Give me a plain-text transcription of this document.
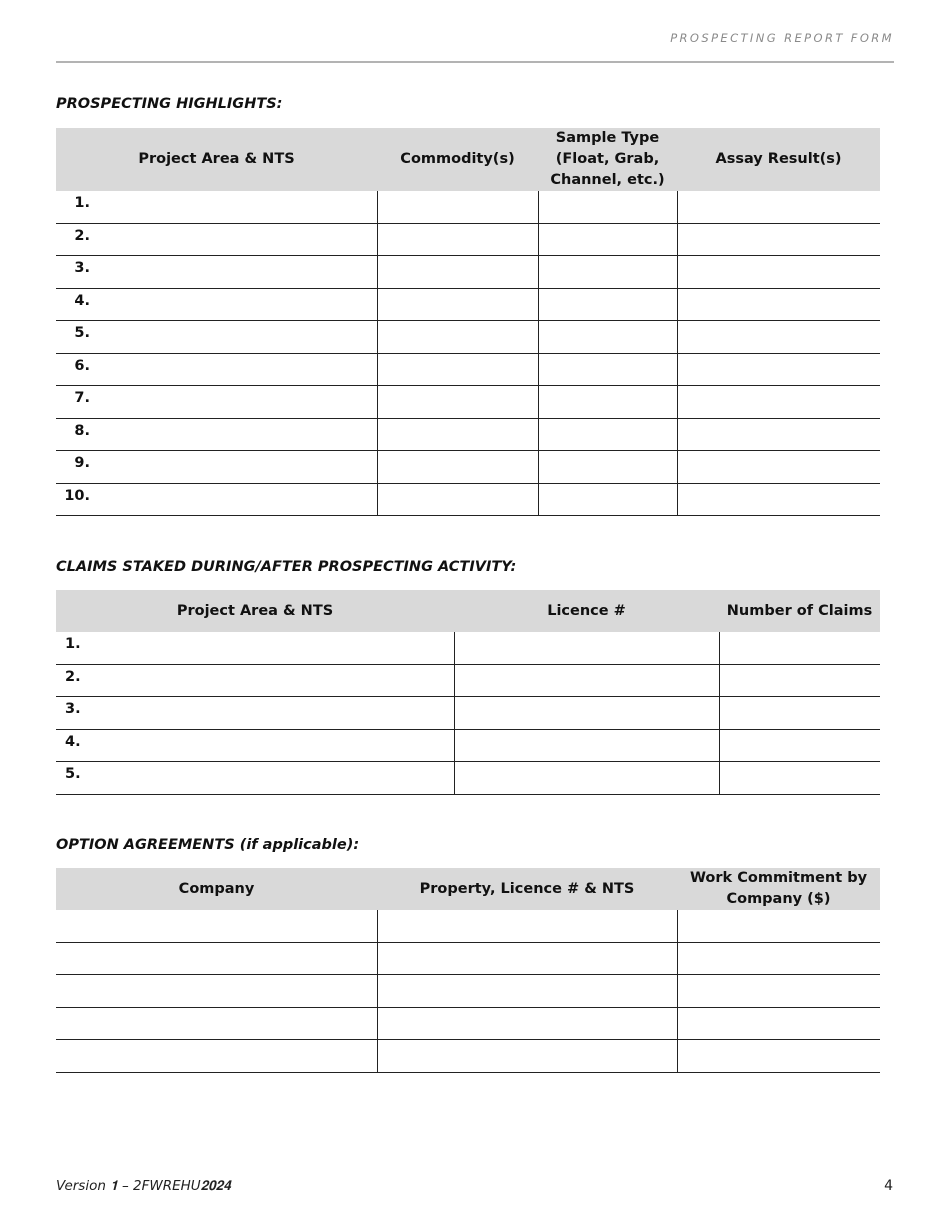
PROSPECTING REPORT FORM
PROSPECTING HIGHLIGHTS:
Project Area & NTS	Commodity(s)	Sample Type (Float, Grab, Channel, etc.)	Assay Result(s)
1.			
2.			
3.			
4.			
5.			
6.			
7.			
8.			
9.			
10.			
CLAIMS STAKED DURING/AFTER PROSPECTING ACTIVITY:
Project Area & NTS	Licence #	Number of Claims
1.		
2.		
3.		
4.		
5.		
OPTION AGREEMENTS (if applicable):
Company	Property, Licence # & NTS	Work Commitment by Company ($)

Version 𝟏 – 2FWREHU𝟐𝟎𝟐𝟒	4
